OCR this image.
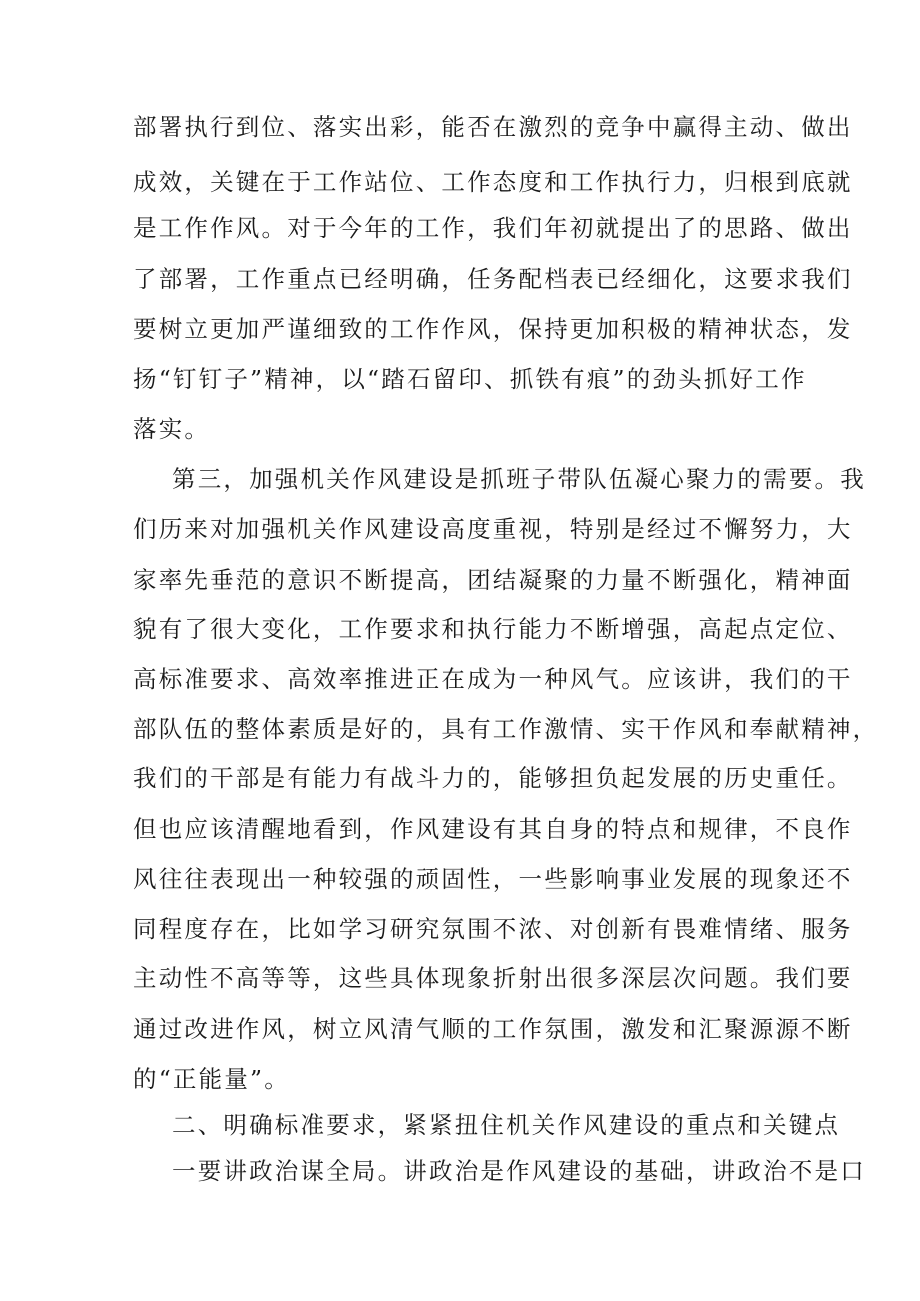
部署执行到位、落实出彩，能否在激烈的竞争中赢得主动、做出
成效，关键在于工作站位、工作态度和工作执行力，归根到底就
是工作作风。对于今年的工作，我们年初就提出了的思路、做出
了部署，工作重点已经明确，任务配档表已经细化，这要求我们
要树立更加严谨细致的工作作风，保持更加积极的精神状态，发
扬“钉钉子”精神，以“踏石留印、抓铁有痕”的劲头抓好工作
落实。
第三，加强机关作风建设是抓班子带队伍凝心聚力的需要。我
们历来对加强机关作风建设高度重视，特别是经过不懈努力，大
家率先垂范的意识不断提高，团结凝聚的力量不断强化，精神面
貌有了很大变化，工作要求和执行能力不断增强，高起点定位、
高标准要求、高效率推进正在成为一种风气。应该讲，我们的干
部队伍的整体素质是好的，具有工作激情、实干作风和奉献精神，
我们的干部是有能力有战斗力的，能够担负起发展的历史重任。
但也应该清醒地看到，作风建设有其自身的特点和规律，不良作
风往往表现出一种较强的顽固性，一些影响事业发展的现象还不
同程度存在，比如学习研究氛围不浓、对创新有畏难情绪、服务
主动性不高等等，这些具体现象折射出很多深层次问题。我们要
通过改进作风，树立风清气顺的工作氛围，激发和汇聚源源不断
的“正能量”。
二、明确标准要求，紧紧扭住机关作风建设的重点和关键点
一要讲政治谋全局。讲政治是作风建设的基础，讲政治不是口
